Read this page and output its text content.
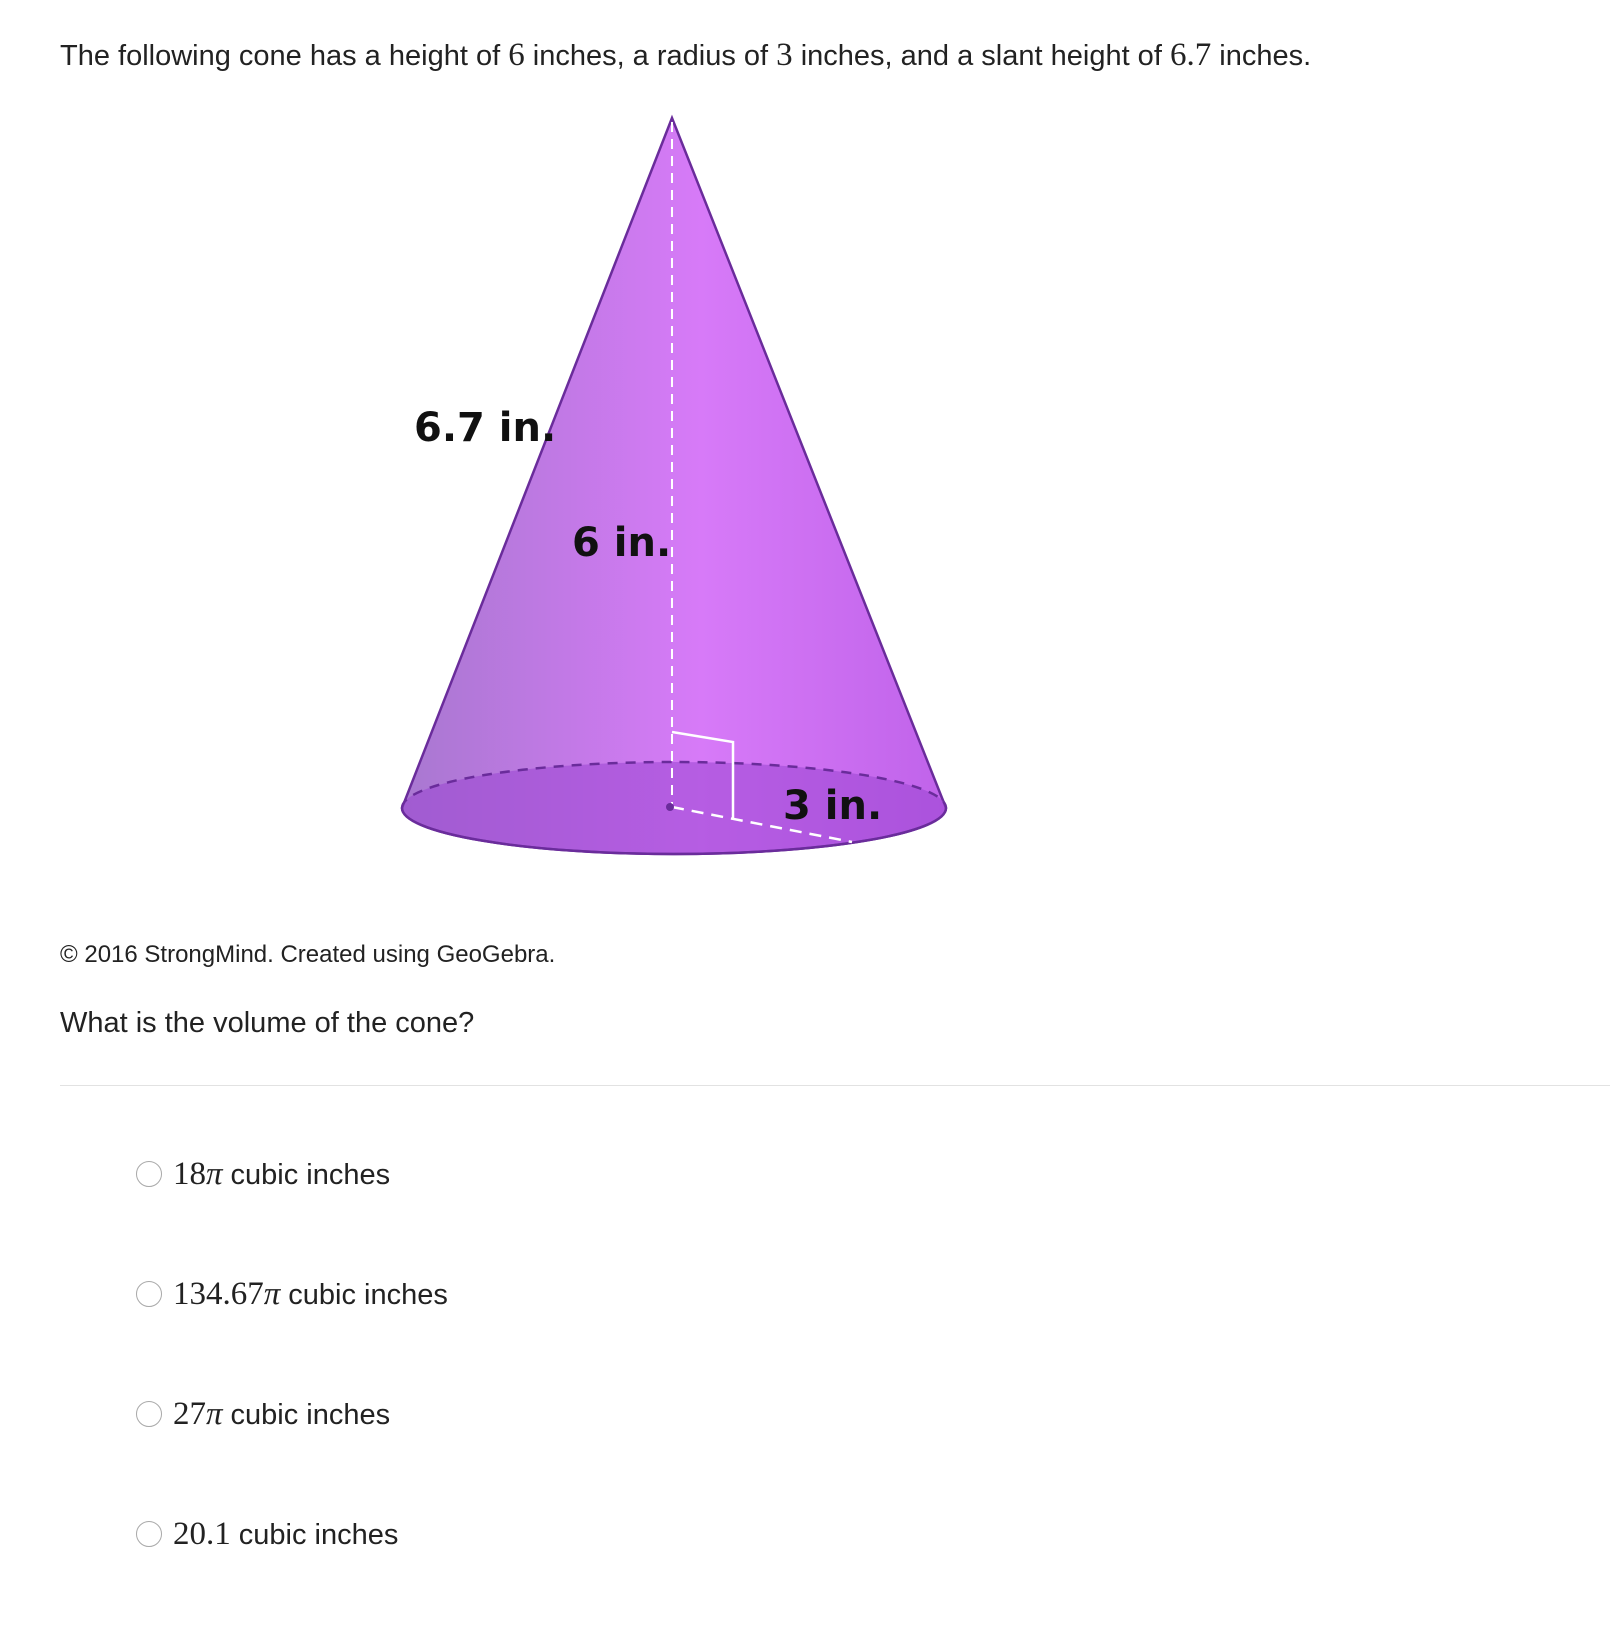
The following cone has a height of 6 inches, a radius of 3 inches, and a slant height of 6.7 inches.
6.7 in.
6 in.
3 in.
© 2016 StrongMind. Created using GeoGebra.
What is the volume of the cone?
18π cubic inches
134.67π cubic inches
27π cubic inches
20.1 cubic inches
